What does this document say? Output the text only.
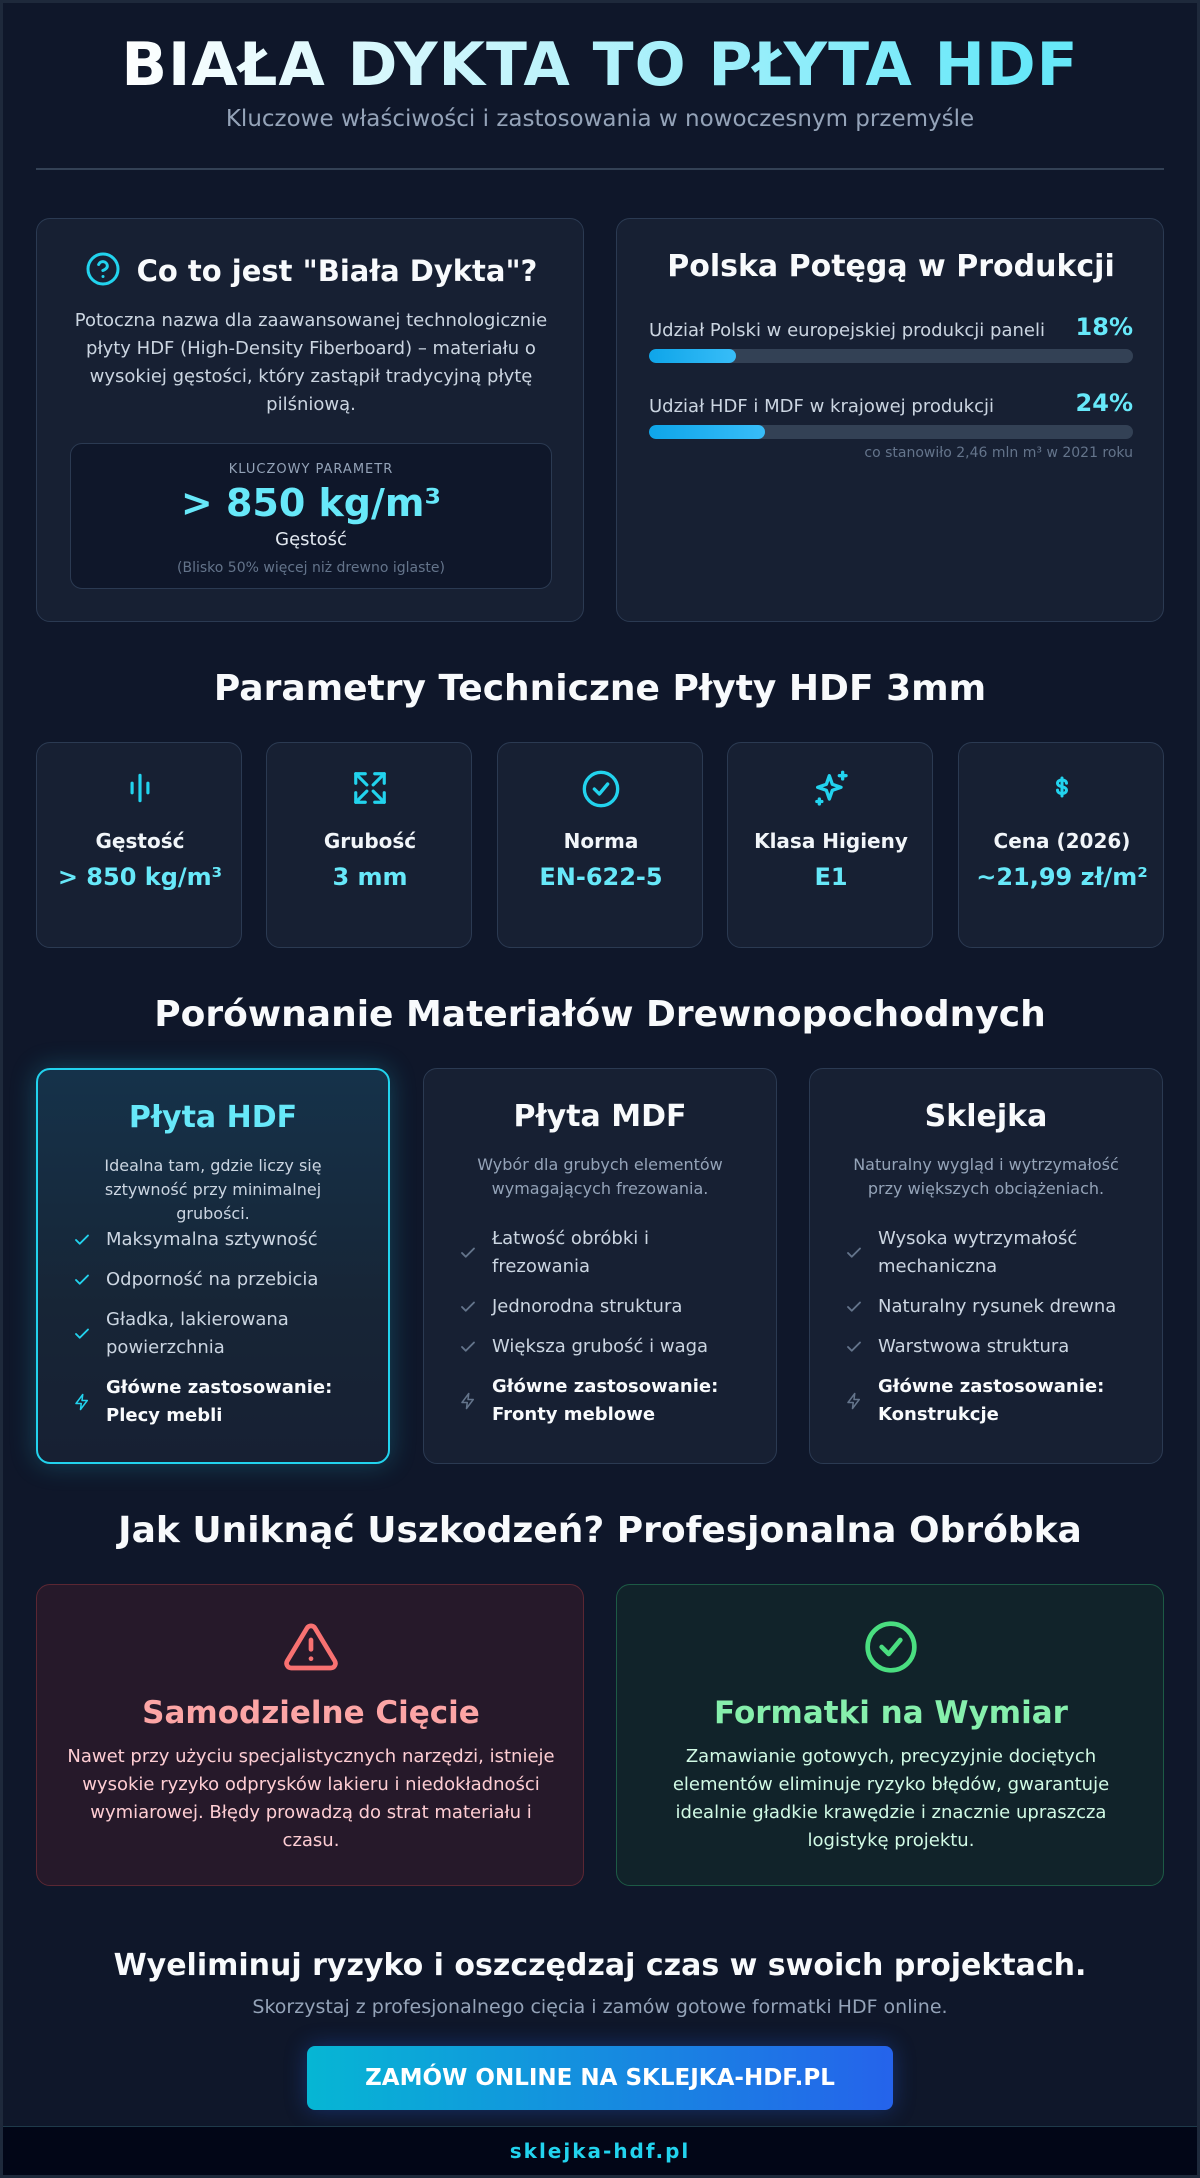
BIAŁA DYKTA TO PŁYTA HDF
Kluczowe właściwości i zastosowania w nowoczesnym przemyśle
Co to jest "Biała Dykta"?

Potoczna nazwa dla zaawansowanej technologicznie płyty HDF (High-Density Fiberboard) – materiału o wysokiej gęstości, który zastąpił tradycyjną płytę pilśniową.

KLUCZOWY PARAMETR
> 850 kg/m³
Gęstość
(Blisko 50% więcej niż drewno iglaste)
Polska Potęgą w Produkcji
Udział Polski w europejskiej produkcji paneli 18%
Udział HDF i MDF w krajowej produkcji	24%
co stanowiło 2,46 mln m³ w 2021 roku
Parametry Techniczne Płyty HDF 3mm
Gęstość
> 850 kg/m³
Grubość
3 mm
Norma
EN-622-5
Klasa Higieny
E1
Cena (2026)
~21,99 zł/m²
Porównanie Materiałów Drewnopochodnych
Płyta HDF

Idealna tam, gdzie liczy się sztywność przy minimalnej grubości.

Maksymalna sztywność
Odporność na przebicia
Gładka, lakierowana powierzchnia
Główne zastosowanie: Plecy mebli
Płyta MDF

Wybór dla grubych elementów wymagających frezowania.

Łatwość obróbki i frezowania
Jednorodna struktura
Większa grubość i waga
Główne zastosowanie: Fronty meblowe
Sklejka

Naturalny wygląd i wytrzymałość przy większych obciążeniach.

Wysoka wytrzymałość mechaniczna
Naturalny rysunek drewna
Warstwowa struktura
Główne zastosowanie: Konstrukcje
Jak Uniknąć Uszkodzeń? Profesjonalna Obróbka
Samodzielne Cięcie

Nawet przy użyciu specjalistycznych narzędzi, istnieje wysokie ryzyko odprysków lakieru i niedokładności wymiarowej. Błędy prowadzą do strat materiału i czasu.

Formatki na Wymiar

Zamawianie gotowych, precyzyjnie dociętych elementów eliminuje ryzyko błędów, gwarantuje idealnie gładkie krawędzie i znacznie upraszcza logistykę projektu.

Wyeliminuj ryzyko i oszczędzaj czas w swoich projektach.
Skorzystaj z profesjonalnego cięcia i zamów gotowe formatki HDF online.
ZAMÓW ONLINE NA SKLEJKA-HDF.PL
sklejka-hdf.pl
